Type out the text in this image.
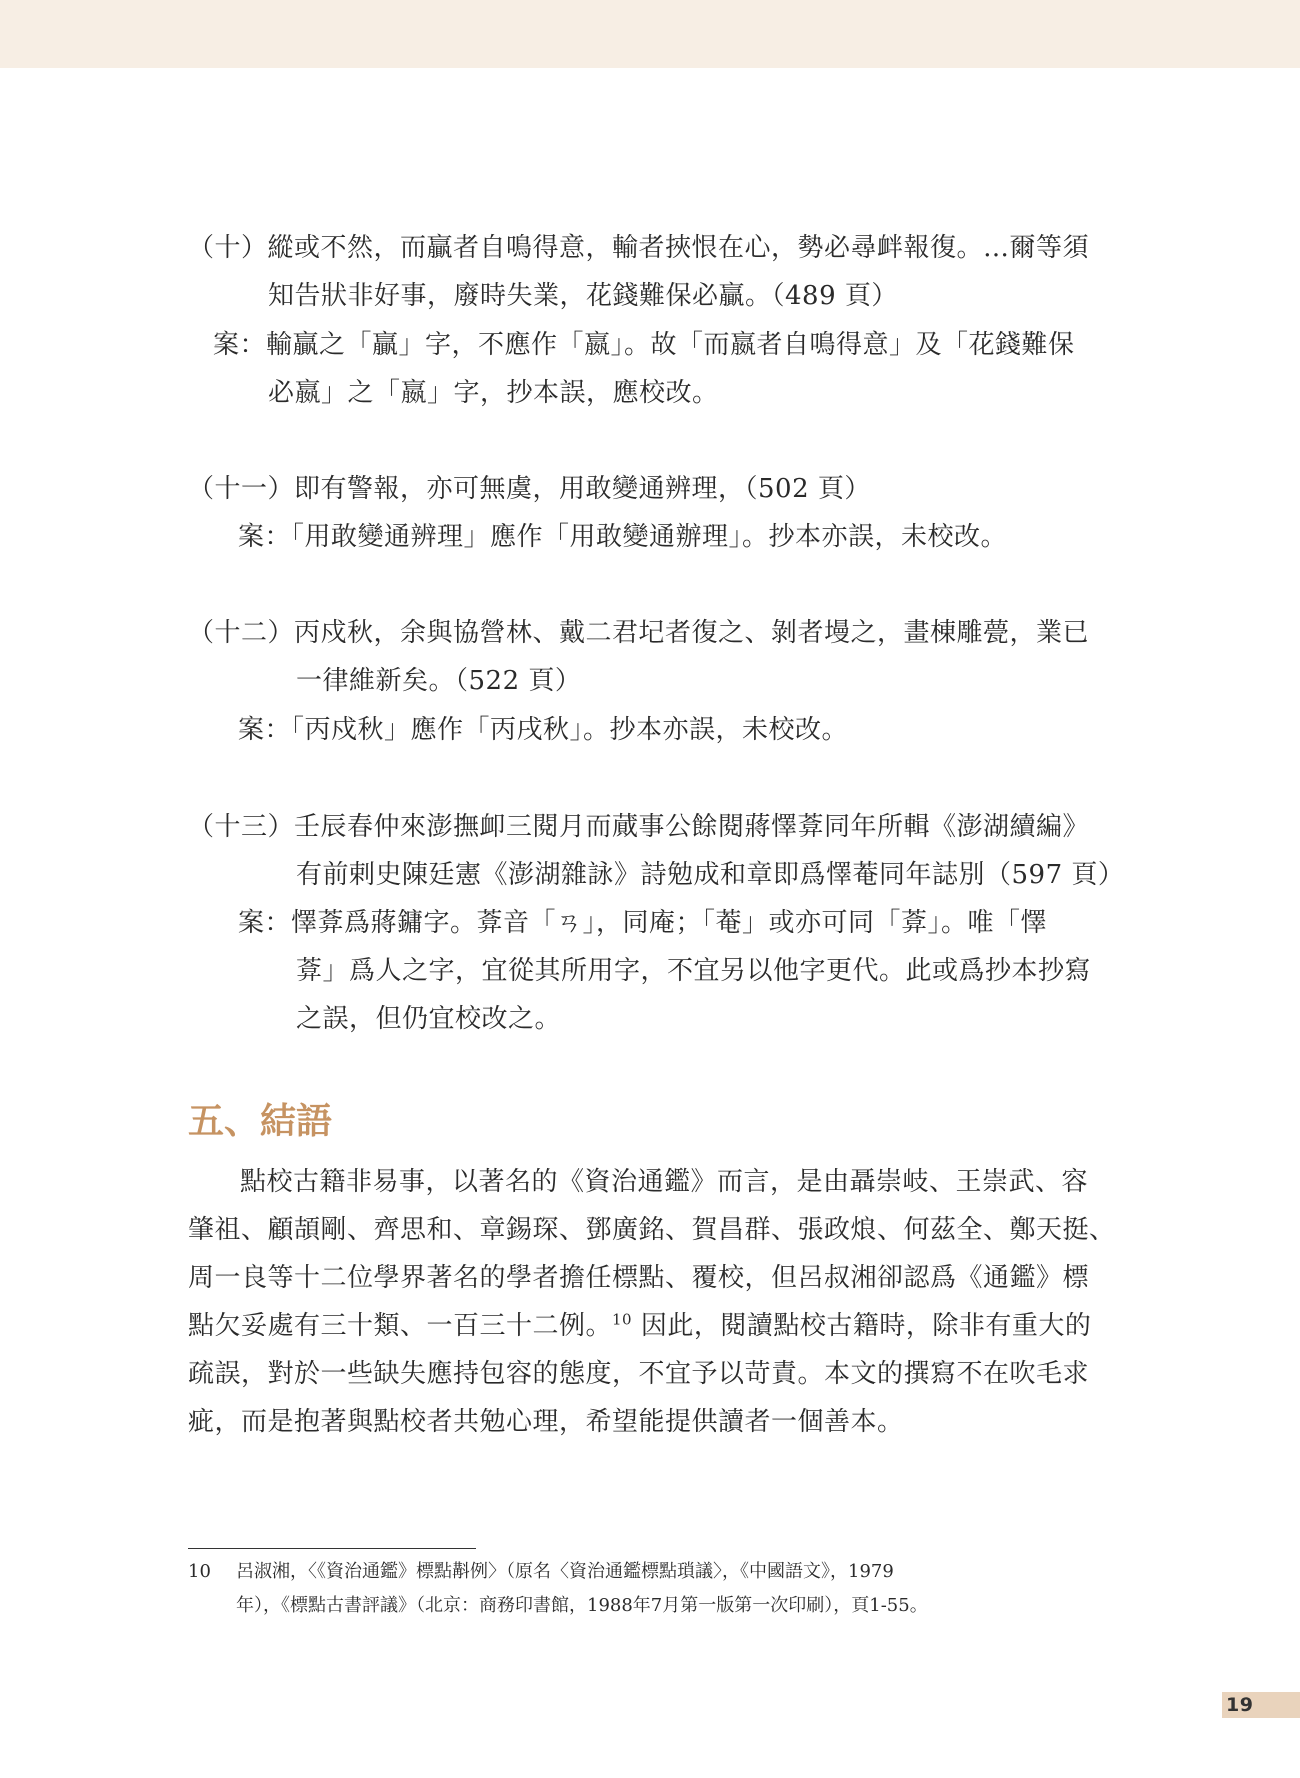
（十）縱或不然，而贏者自鳴得意，輸者挾恨在心，勢必尋衅報復。…爾等須
知告狀非好事，廢時失業，花錢難保必贏。（489 頁）
案：輸贏之「贏」字，不應作「嬴」。故「而嬴者自鳴得意」及「花錢難保
必嬴」之「嬴」字，抄本誤，應校改。
（十一）即有警報，亦可無虞，用敢變通辨理，（502 頁）
案：「用敢變通辨理」應作「用敢變通辦理」。抄本亦誤，未校改。
（十二）丙戍秋，余與協營林、戴二君圮者復之、剝者墁之，畫棟雕甍，業已
一律維新矣。（522 頁）
案：「丙戍秋」應作「丙戌秋」。抄本亦誤，未校改。
（十三）壬辰春仲來澎撫卹三閱月而蕆事公餘閱蔣懌葊同年所輯《澎湖續編》
有前剌史陳廷憲《澎湖雜詠》詩勉成和章即爲懌菴同年誌別（597 頁）
案：懌葊爲蔣鏞字。葊音「ㄢ」，同庵；「菴」或亦可同「葊」。唯「懌
葊」爲人之字，宜從其所用字，不宜另以他字更代。此或爲抄本抄寫
之誤，但仍宜校改之。
五、結語
點校古籍非易事，以著名的《資治通鑑》而言，是由聶崇岐、王崇武、容
肇祖、顧頡剛、齊思和、章錫琛、鄧廣銘、賀昌群、張政烺、何茲全、鄭天挺、
周一良等十二位學界著名的學者擔任標點、覆校，但呂叔湘卻認爲《通鑑》標
點欠妥處有三十類、一百三十二例。$^{10}$ 因此，閱讀點校古籍時，除非有重大的
疏誤，對於一些缺失應持包容的態度，不宜予以苛責。本文的撰寫不在吹毛求
疵，而是抱著與點校者共勉心理，希望能提供讀者一個善本。
10 呂淑湘，〈《資治通鑑》標點斠例〉（原名〈資治通鑑標點瑣議〉，《中國語文》，1979
年），《標點古書評議》（北京：商務印書館，1988年7月第一版第一次印刷），頁1-55。
19
